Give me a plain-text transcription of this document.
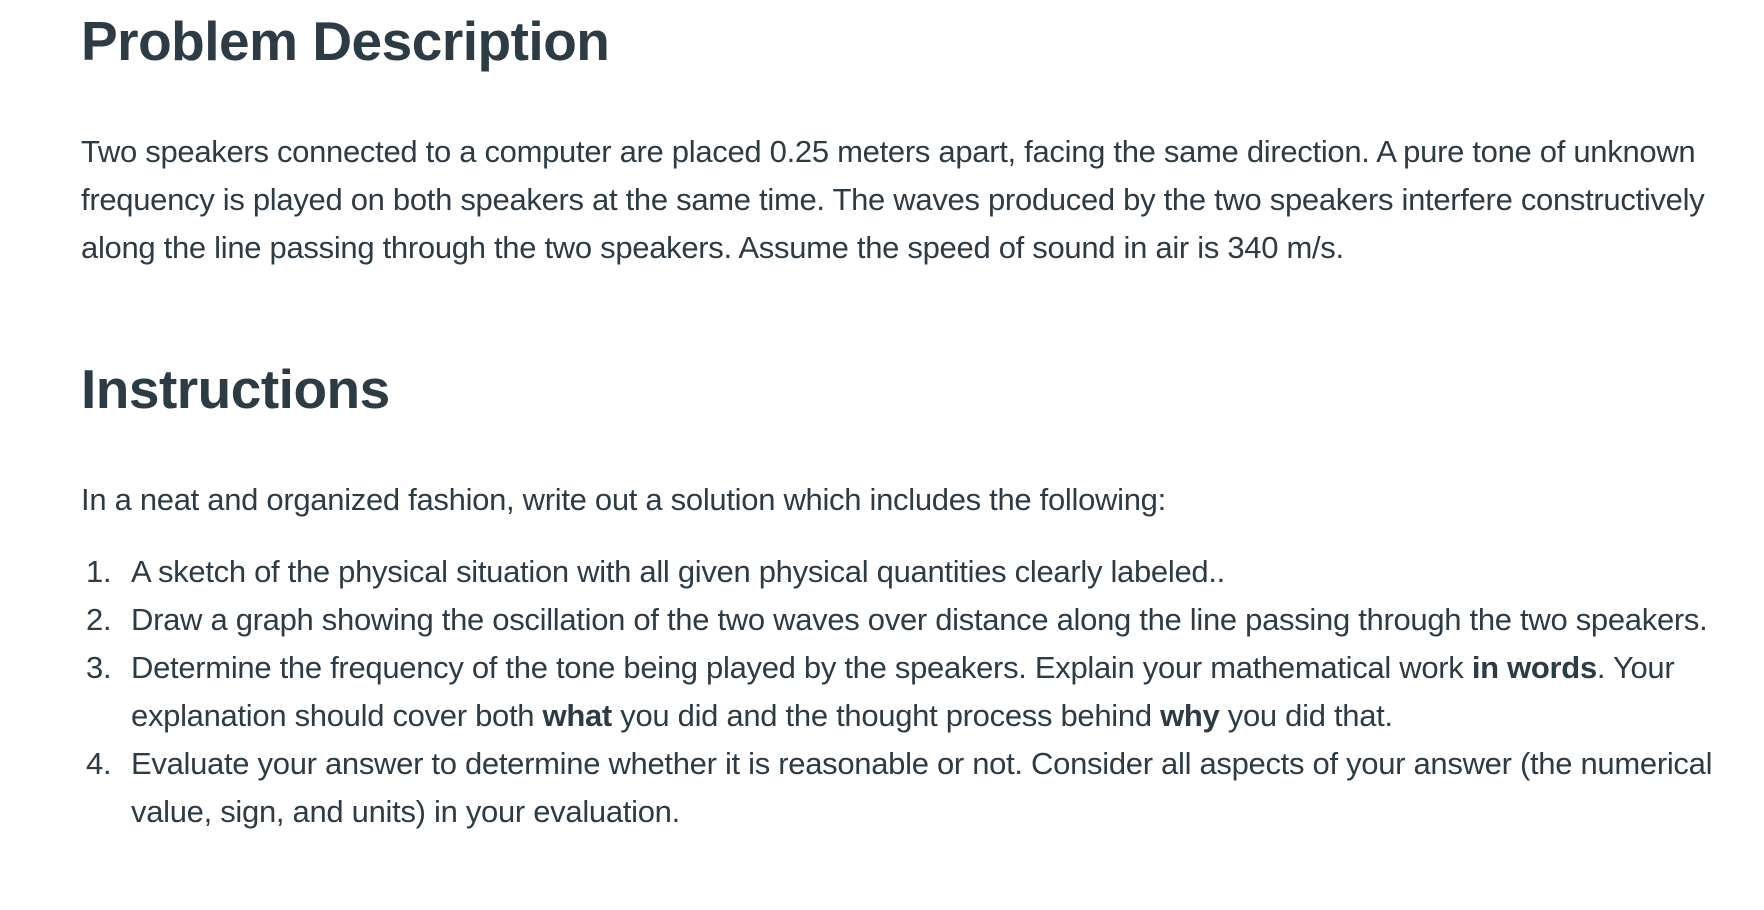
Problem Description

Two speakers connected to a computer are placed 0.25 meters apart, facing the same direction. A pure tone of unknown frequency is played on both speakers at the same time. The waves produced by the two speakers interfere constructively along the line passing through the two speakers. Assume the speed of sound in air is 340 m/s.

Instructions

In a neat and organized fashion, write out a solution which includes the following:

1. A sketch of the physical situation with all given physical quantities clearly labeled..
2. Draw a graph showing the oscillation of the two waves over distance along the line passing through the two speakers.
3. Determine the frequency of the tone being played by the speakers. Explain your mathematical work in words. Your explanation should cover both what you did and the thought process behind why you did that.
4. Evaluate your answer to determine whether it is reasonable or not. Consider all aspects of your answer (the numerical value, sign, and units) in your evaluation.
